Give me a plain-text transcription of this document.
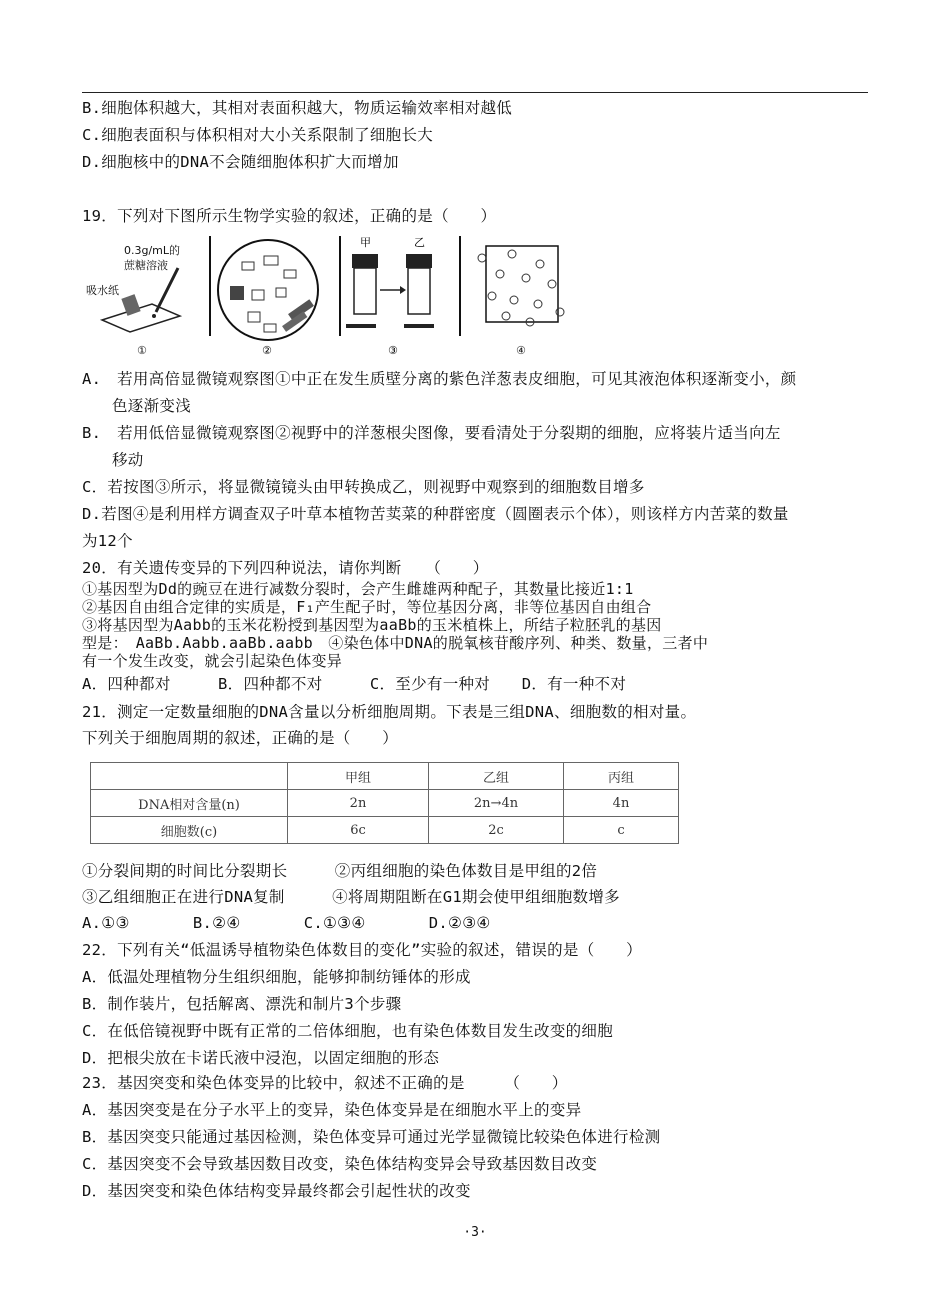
B.细胞体积越大，其相对表面积越大，物质运输效率相对越低
C.细胞表面积与体积相对大小关系限制了细胞长大
D.细胞核中的DNA不会随细胞体积扩大而增加
19．下列对下图所示生物学实验的叙述，正确的是（　　）
0.3g/mL的
蔗糖溶液
吸水纸
①	②
甲	乙
③	④
A.　若用高倍显微镜观察图①中正在发生质壁分离的紫色洋葱表皮细胞，可见其液泡体积逐渐变小，颜
色逐渐变浅
B.　若用低倍显微镜观察图②视野中的洋葱根尖图像，要看清处于分裂期的细胞，应将装片适当向左
移动
C．若按图③所示，将显微镜镜头由甲转换成乙，则视野中观察到的细胞数目增多
D.若图④是利用样方调查双子叶草本植物苦荬菜的种群密度（圆圈表示个体），则该样方内苦菜的数量
为12个
20．有关遗传变异的下列四种说法，请你判断　　（　　）
①基因型为Dd的豌豆在进行减数分裂时，会产生雌雄两种配子，其数量比接近1:1
②基因自由组合定律的实质是，F₁产生配子时，等位基因分离，非等位基因自由组合
③将基因型为Aabb的玉米花粉授到基因型为aaBb的玉米植株上，所结子粒胚乳的基因
型是：　AaBb.Aabb.aaBb.aabb　④染色体中DNA的脱氧核苷酸序列、种类、数量，三者中
有一个发生改变，就会引起染色体变异
A．四种都对　　　B．四种都不对　　　C．至少有一种对　　D．有一种不对
21．测定一定数量细胞的DNA含量以分析细胞周期。下表是三组DNA、细胞数的相对量。
下列关于细胞周期的叙述，正确的是（　　）
	甲组	乙组	丙组
DNA相对含量(n)	2n	2n→4n	4n
细胞数(c)	6c	2c	c
①分裂间期的时间比分裂期长　　　②丙组细胞的染色体数目是甲组的2倍
③乙组细胞正在进行DNA复制　　　④将周期阻断在G1期会使甲组细胞数增多
A.①③　　　　B.②④　　　　C.①③④　　　　D.②③④
22．下列有关“低温诱导植物染色体数目的变化”实验的叙述，错误的是（　　）
A．低温处理植物分生组织细胞，能够抑制纺锤体的形成
B．制作装片，包括解离、漂洗和制片3个步骤
C．在低倍镜视野中既有正常的二倍体细胞，也有染色体数目发生改变的细胞
D．把根尖放在卡诺氏液中浸泡，以固定细胞的形态
23．基因突变和染色体变异的比较中，叙述不正确的是　　　（　　）
A．基因突变是在分子水平上的变异，染色体变异是在细胞水平上的变异
B．基因突变只能通过基因检测，染色体变异可通过光学显微镜比较染色体进行检测
C．基因突变不会导致基因数目改变，染色体结构变异会导致基因数目改变
D．基因突变和染色体结构变异最终都会引起性状的改变
·3·
